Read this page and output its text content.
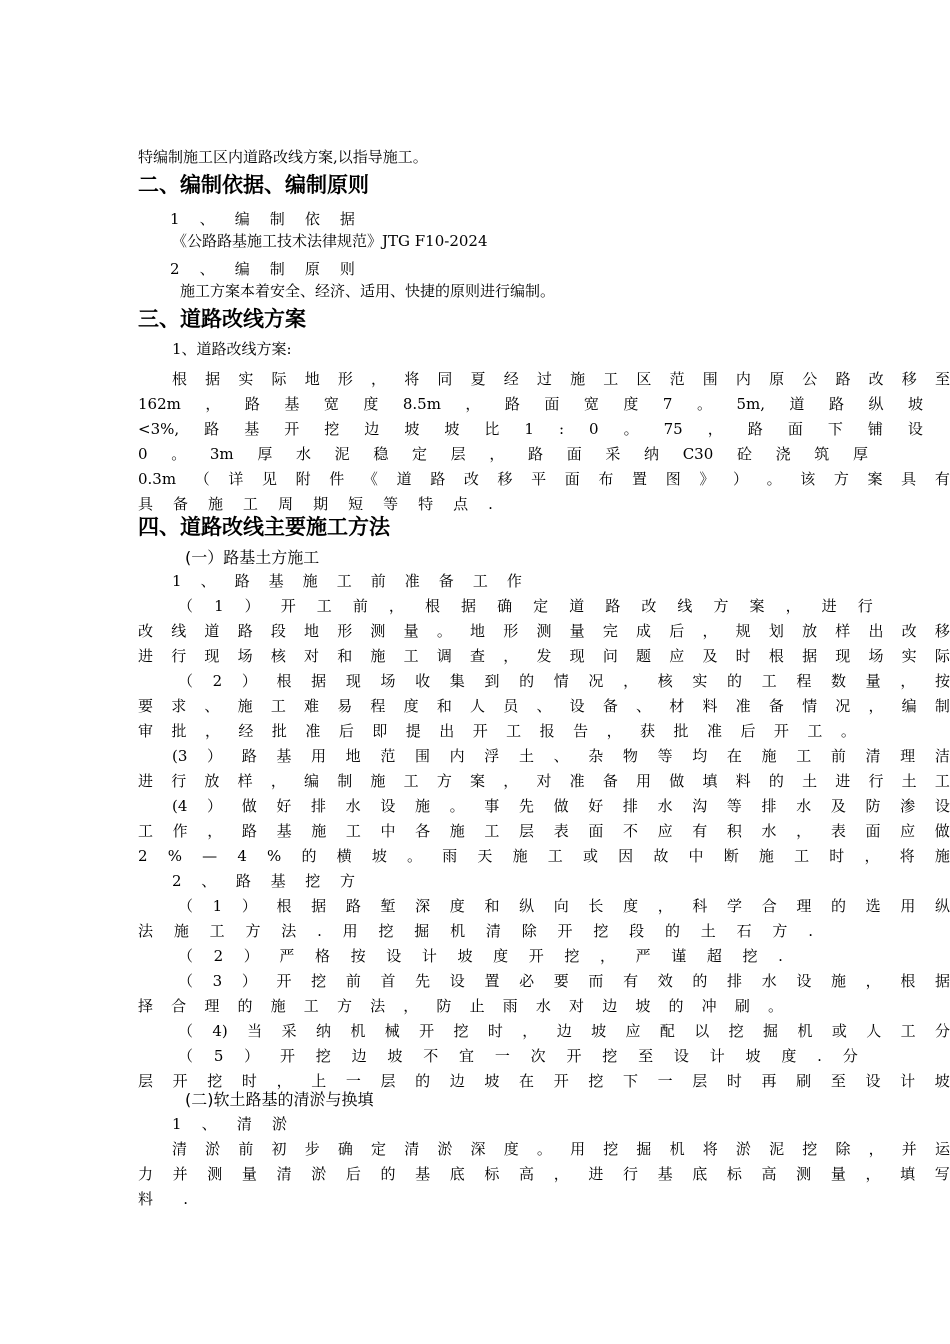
特编制施工区内道路改线方案,以指导施工。
二、编制依据、编制原则
1 、 编 制 依 据
《公路路基施工技术法律规范》JTG F10-2024
2 、 编 制 原 则
施工方案本着安全、经济、适用、快捷的原则进行编制。
三、道路改线方案
1、道路改线方案:
根 据 实 际 地 形 ， 将 同 夏 经 过 施 工 区 范 围 内 原 公 路 改 移 至
162m ， 路 基 宽 度 8.5m ， 路 面 宽 度 7 。 5m, 道 路 纵 坡
<3%, 路 基 开 挖 边 坡 坡 比 1 : 0 。 75 ， 路 面 下 铺 设
0 。 3m 厚 水 泥 稳 定 层 ， 路 面 采 纳 C30 砼 浇 筑 厚
0.3m （ 详 见 附 件 《 道 路 改 移 平 面 布 置 图 》 ） 。 该 方 案 具 有
具 备 施 工 周 期 短 等 特 点 .
四、道路改线主要施工方法
(一）路基土方施工
1 、 路 基 施 工 前 准 备 工 作
（ 1 ） 开 工 前 ， 根 据 确 定 道 路 改 线 方 案 ， 进 行
改 线 道 路 段 地 形 测 量 。 地 形 测 量 完 成 后 ， 规 划 放 样 出 改 移
进 行 现 场 核 对 和 施 工 调 查 ， 发 现 问 题 应 及 时 根 据 现 场 实 际
（ 2 ） 根 据 现 场 收 集 到 的 情 况 ， 核 实 的 工 程 数 量 ， 按
要 求 、 施 工 难 易 程 度 和 人 员 、 设 备 、 材 料 准 备 情 况 ， 编 制
审 批 ， 经 批 准 后 即 提 出 开 工 报 告 ， 获 批 准 后 开 工 。
(3 ） 路 基 用 地 范 围 内 浮 土 、 杂 物 等 均 在 施 工 前 清 理 洁
进 行 放 样 ， 编 制 施 工 方 案 ， 对 准 备 用 做 填 料 的 土 进 行 土 工
(4 ） 做 好 排 水 设 施 。 事 先 做 好 排 水 沟 等 排 水 及 防 渗 设
工 作 ， 路 基 施 工 中 各 施 工 层 表 面 不 应 有 积 水 ， 表 面 应 做
2 % — 4 % 的 横 坡 。 雨 天 施 工 或 因 故 中 断 施 工 时 ， 将 施
2 、 路 基 挖 方
（ 1 ） 根 据 路 堑 深 度 和 纵 向 长 度 ， 科 学 合 理 的 选 用 纵
法 施 工 方 法 . 用 挖 掘 机 清 除 开 挖 段 的 土 石 方 .
（ 2 ） 严 格 按 设 计 坡 度 开 挖 ， 严 谨 超 挖 .
（ 3 ） 开 挖 前 首 先 设 置 必 要 而 有 效 的 排 水 设 施 ， 根 据
择 合 理 的 施 工 方 法 ， 防 止 雨 水 对 边 坡 的 冲 刷 。
（ 4) 当 采 纳 机 械 开 挖 时 ， 边 坡 应 配 以 挖 掘 机 或 人 工 分
（ 5 ） 开 挖 边 坡 不 宜 一 次 开 挖 至 设 计 坡 度 . 分
层 开 挖 时 ， 上 一 层 的 边 坡 在 开 挖 下 一 层 时 再 刷 至 设 计 坡
(二)软土路基的清淤与换填
1 、 清 淤
清 淤 前 初 步 确 定 清 淤 深 度 。 用 挖 掘 机 将 淤 泥 挖 除 ， 并 运
力 并 测 量 清 淤 后 的 基 底 标 高 ， 进 行 基 底 标 高 测 量 ， 填 写
料 .
